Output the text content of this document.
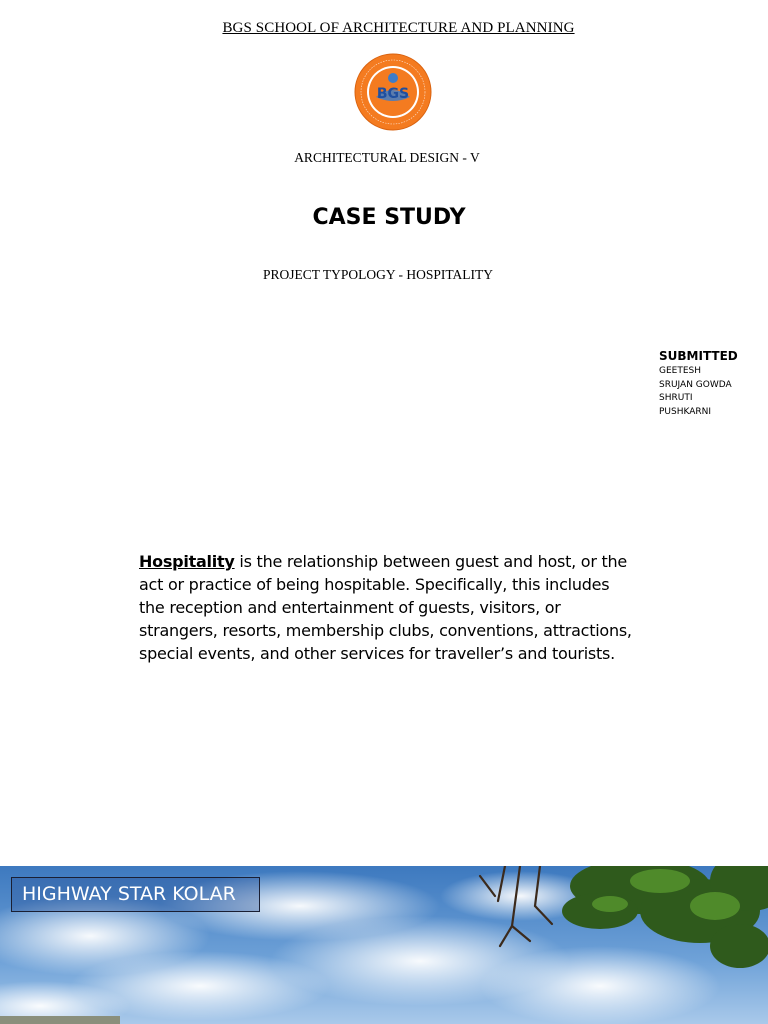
BGS SCHOOL OF ARCHITECTURE AND PLANNING
BGS
ARCHITECTURAL DESIGN - V
CASE STUDY
PROJECT TYPOLOGY - HOSPITALITY
SUBMITTED
GEETESH
SRUJAN GOWDA
SHRUTI
PUSHKARNI
Hospitality is the relationship between guest and host, or the act or practice of being hospitable. Specifically, this includes the reception and entertainment of guests, visitors, or strangers, resorts, membership clubs, conventions, attractions, special events, and other services for traveller’s and tourists.
HIGHWAY STAR KOLAR
